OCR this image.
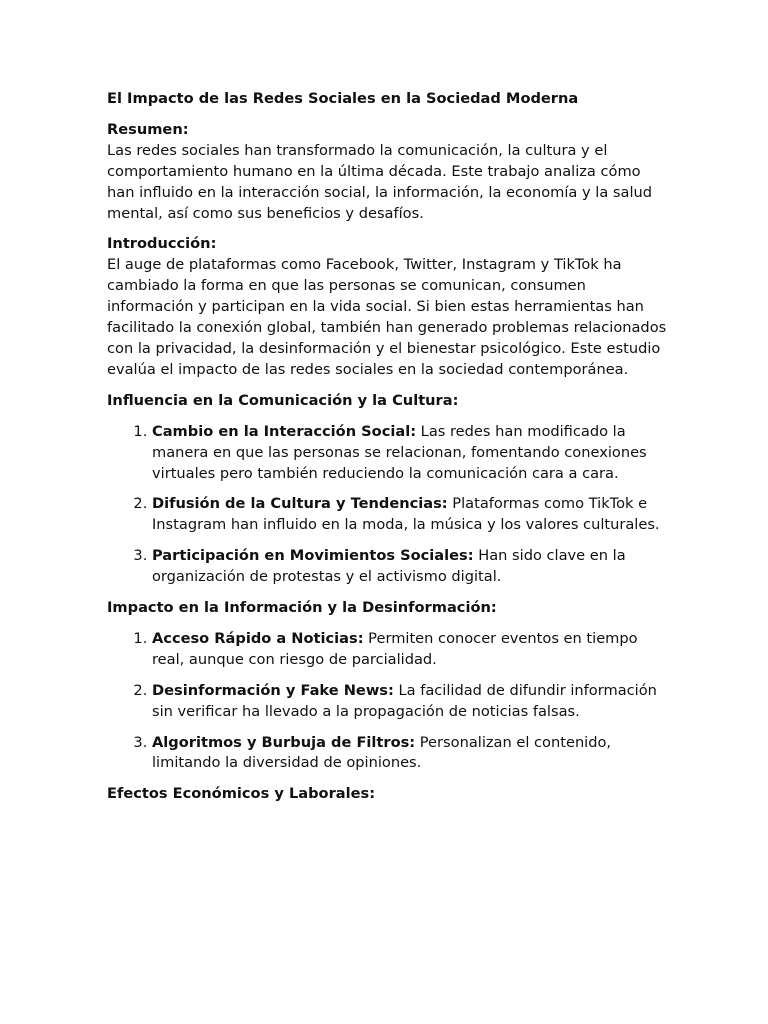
El Impacto de las Redes Sociales en la Sociedad Moderna
Resumen:
Las redes sociales han transformado la comunicación, la cultura y el comportamiento humano en la última década. Este trabajo analiza cómo han influido en la interacción social, la información, la economía y la salud mental, así como sus beneficios y desafíos.
Introducción:
El auge de plataformas como Facebook, Twitter, Instagram y TikTok ha cambiado la forma en que las personas se comunican, consumen información y participan en la vida social. Si bien estas herramientas han facilitado la conexión global, también han generado problemas relacionados con la privacidad, la desinformación y el bienestar psicológico. Este estudio evalúa el impacto de las redes sociales en la sociedad contemporánea.
Influencia en la Comunicación y la Cultura:
1. Cambio en la Interacción Social: Las redes han modificado la manera en que las personas se relacionan, fomentando conexiones virtuales pero también reduciendo la comunicación cara a cara.
2. Difusión de la Cultura y Tendencias: Plataformas como TikTok e Instagram han influido en la moda, la música y los valores culturales.
3. Participación en Movimientos Sociales: Han sido clave en la organización de protestas y el activismo digital.
Impacto en la Información y la Desinformación:
1. Acceso Rápido a Noticias: Permiten conocer eventos en tiempo real, aunque con riesgo de parcialidad.
2. Desinformación y Fake News: La facilidad de difundir información sin verificar ha llevado a la propagación de noticias falsas.
3. Algoritmos y Burbuja de Filtros: Personalizan el contenido, limitando la diversidad de opiniones.
Efectos Económicos y Laborales:
